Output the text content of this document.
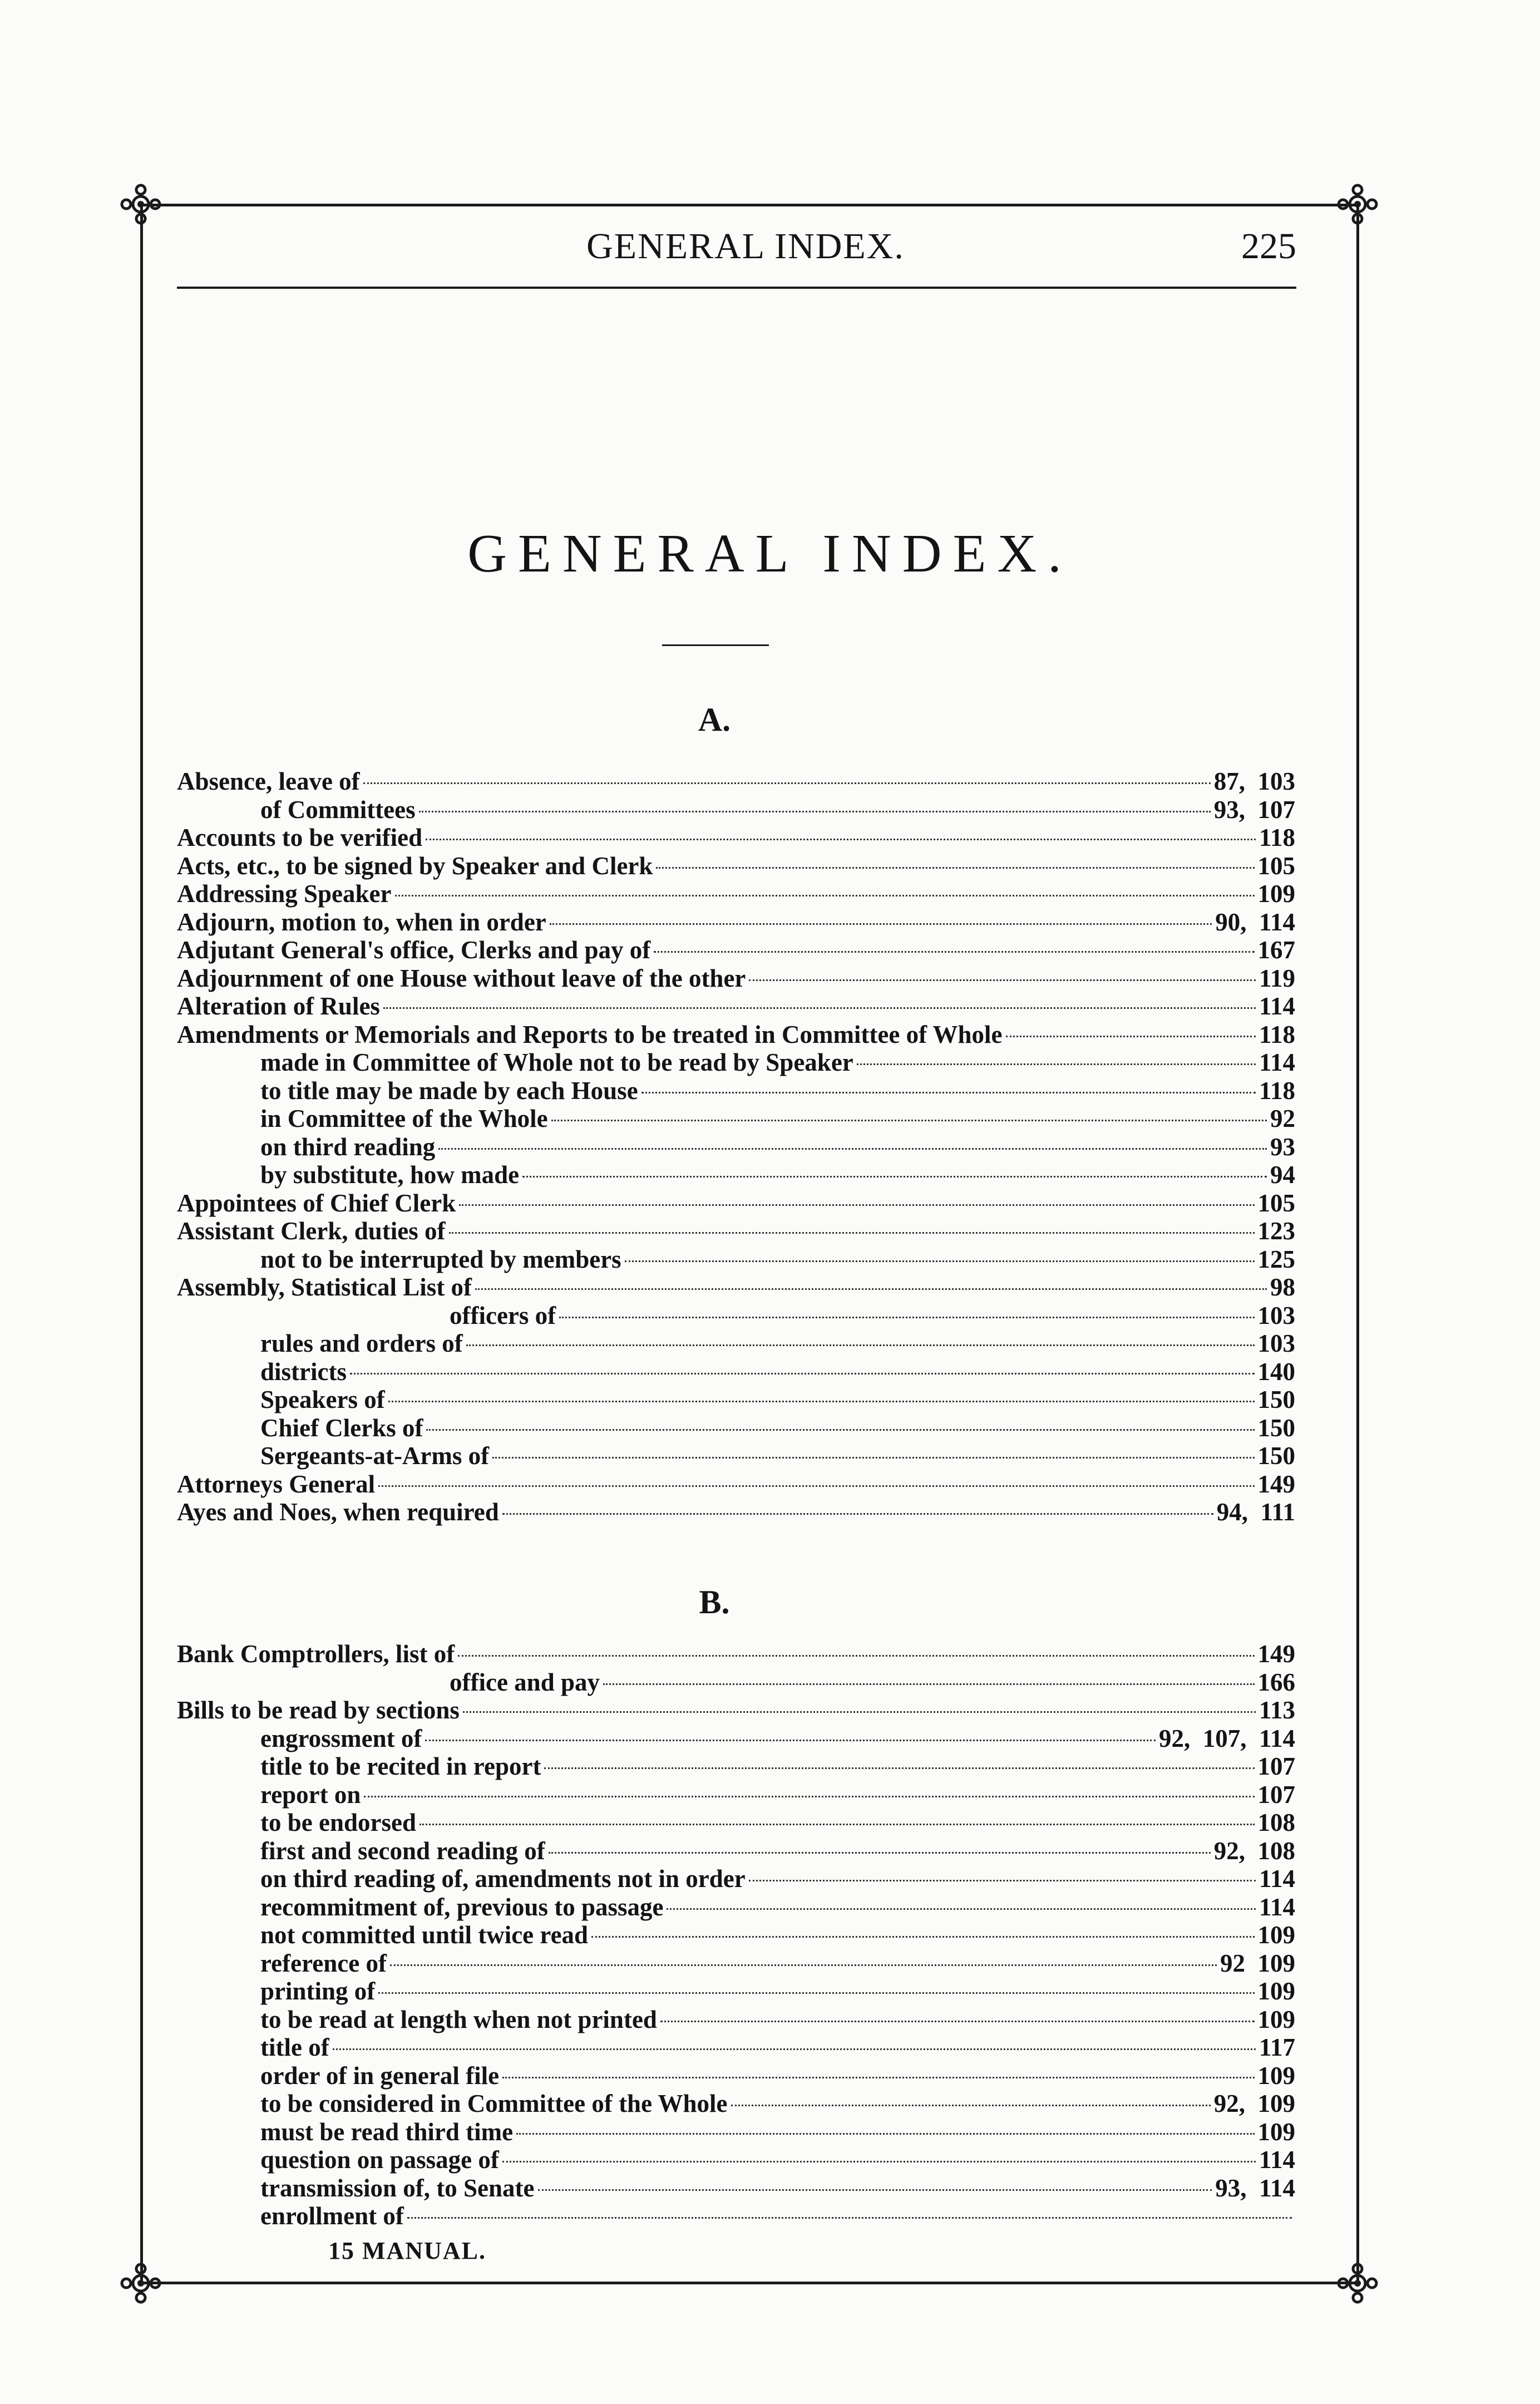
GENERAL INDEX.	225
GENERAL INDEX.
A.
Absence, leave of	87,  103
of Committees	93,  107
Accounts to be verified	118
Acts, etc., to be signed by Speaker and Clerk	105
Addressing Speaker	109
Adjourn, motion to, when in order	90,  114
Adjutant General's office, Clerks and pay of	167
Adjournment of one House without leave of the other	119
Alteration of Rules	114
Amendments or Memorials and Reports to be treated in Committee of Whole	118
made in Committee of Whole not to be read by Speaker	114
to title may be made by each House	118
in Committee of the Whole	92
on third reading	93
by substitute, how made	94
Appointees of Chief Clerk	105
Assistant Clerk, duties of	123
not to be interrupted by members	125
Assembly, Statistical List of	98
officers of	103
rules and orders of	103
districts	140
Speakers of	150
Chief Clerks of	150
Sergeants-at-Arms of	150
Attorneys General	149
Ayes and Noes, when required	94,  111
B.
Bank Comptrollers, list of	149
office and pay	166
Bills to be read by sections	113
engrossment of	92,  107,  114
title to be recited in report	107
report on	107
to be endorsed	108
first and second reading of	92,  108
on third reading of, amendments not in order	114
recommitment of, previous to passage	114
not committed until twice read	109
reference of	92  109
printing of	109
to be read at length when not printed	109
title of	117
order of in general file	109
to be considered in Committee of the Whole	92,  109
must be read third time	109
question on passage of	114
transmission of, to Senate	93,  114
enrollment of
15 MANUAL.
